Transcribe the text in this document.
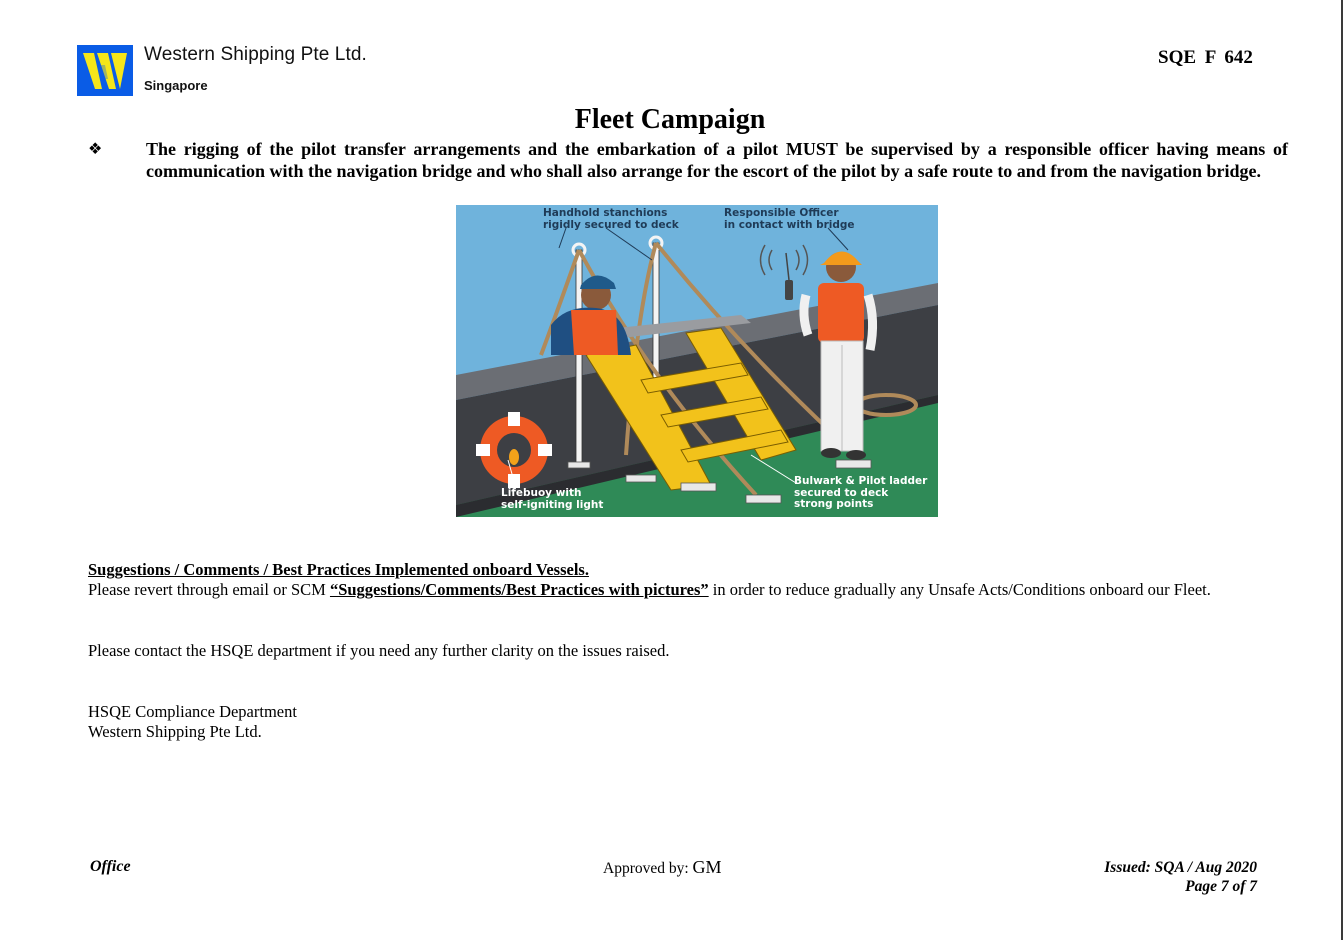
Western Shipping Pte Ltd.
Singapore
SQE F 642
Fleet Campaign
❖ The rigging of the pilot transfer arrangements and the embarkation of a pilot MUST be supervised by a responsible officer having means of communication with the navigation bridge and who shall also arrange for the escort of the pilot by a safe route to and from the navigation bridge.
Handhold stanchions
rigidly secured to deck
Responsible Officer
in contact with bridge
Lifebuoy with
self-igniting light
Bulwark & Pilot ladder
secured to deck
strong points
Suggestions / Comments / Best Practices Implemented onboard Vessels.
Please revert through email or SCM “Suggestions/Comments/Best Practices with pictures” in order to reduce gradually any Unsafe Acts/Conditions onboard our Fleet.
Please contact the HSQE department if you need any further clarity on the issues raised.
HSQE Compliance Department
Western Shipping Pte Ltd.
Office	Approved by: GM	Issued: SQA / Aug 2020
Page 7 of 7
